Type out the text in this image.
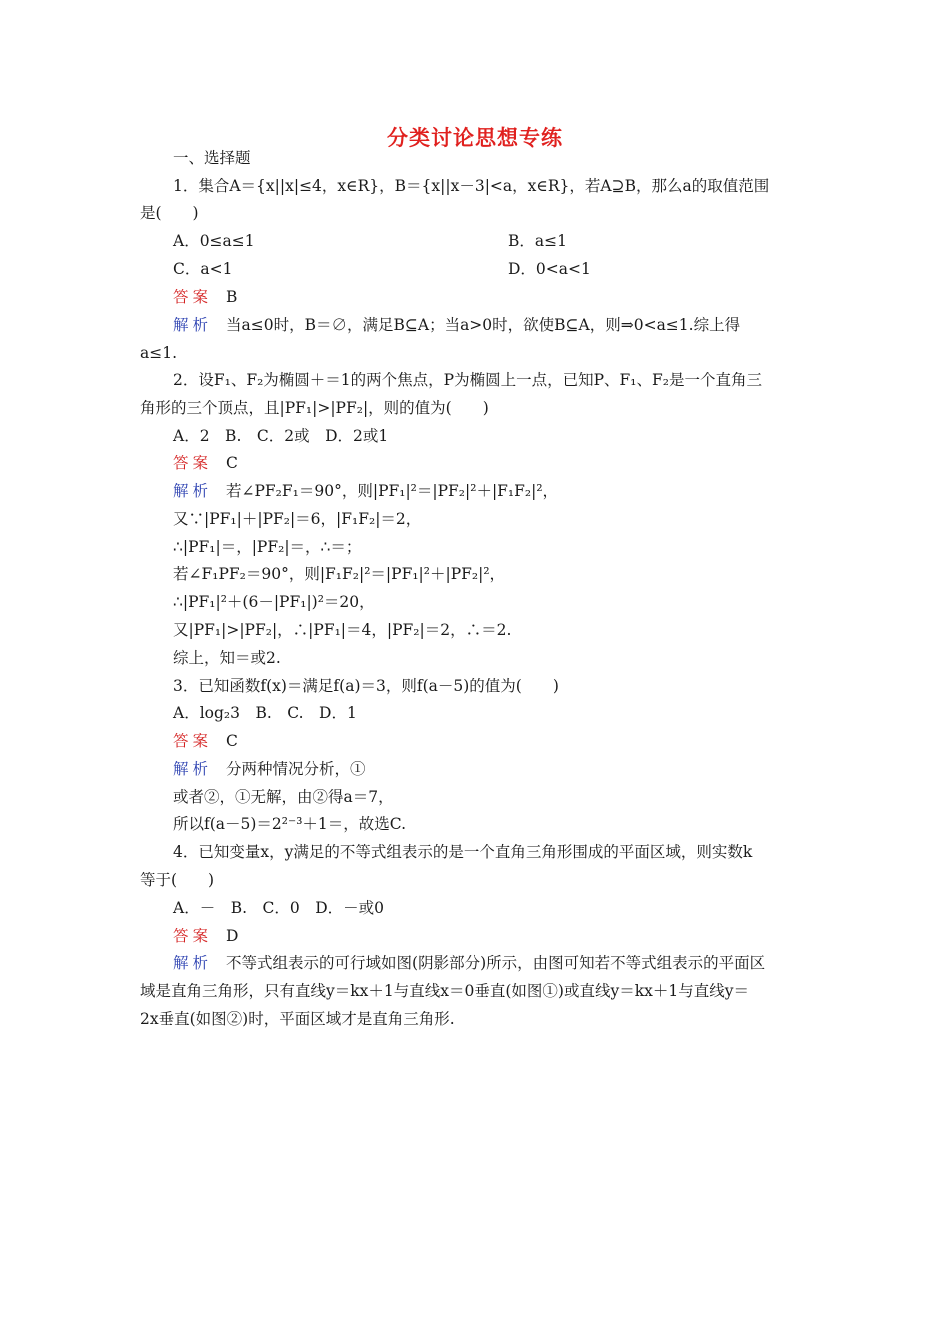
分类讨论思想专练
一、选择题
1．集合A＝{x||x|≤4，x∈R}，B＝{x||x－3|<a，x∈R}，若A⊇B，那么a的取值范围
是(　　)
A．0≤a≤1	B．a≤1
C．a<1	D．0<a<1
答案 B
解析 当a≤0时，B＝∅，满足B⊆A；当a>0时，欲使B⊆A，则⇒0<a≤1.综上得
a≤1.
2．设F₁、F₂为椭圆＋＝1的两个焦点，P为椭圆上一点，已知P、F₁、F₂是一个直角三
角形的三个顶点，且|PF₁|>|PF₂|，则的值为(　　)
A．2　B.　C．2或　D．2或1
答案 C
解析 若∠PF₂F₁＝90°，则|PF₁|²＝|PF₂|²＋|F₁F₂|²，
又∵|PF₁|＋|PF₂|＝6，|F₁F₂|＝2，
∴|PF₁|＝，|PF₂|＝，∴＝；
若∠F₁PF₂＝90°，则|F₁F₂|²＝|PF₁|²＋|PF₂|²，
∴|PF₁|²＋(6－|PF₁|)²＝20，
又|PF₁|>|PF₂|，∴|PF₁|＝4，|PF₂|＝2，∴＝2.
综上，知＝或2.
3．已知函数f(x)＝满足f(a)＝3，则f(a－5)的值为(　　)
A．log₂3　B.　C.　D．1
答案 C
解析 分两种情况分析，①
或者②，①无解，由②得a＝7，
所以f(a－5)＝2²⁻³＋1＝，故选C.
4．已知变量x，y满足的不等式组表示的是一个直角三角形围成的平面区域，则实数k
等于(　　)
A．－　B.　C．0　D．－或0
答案 D
解析 不等式组表示的可行域如图(阴影部分)所示，由图可知若不等式组表示的平面区
域是直角三角形，只有直线y＝kx＋1与直线x＝0垂直(如图①)或直线y＝kx＋1与直线y＝
2x垂直(如图②)时，平面区域才是直角三角形.
